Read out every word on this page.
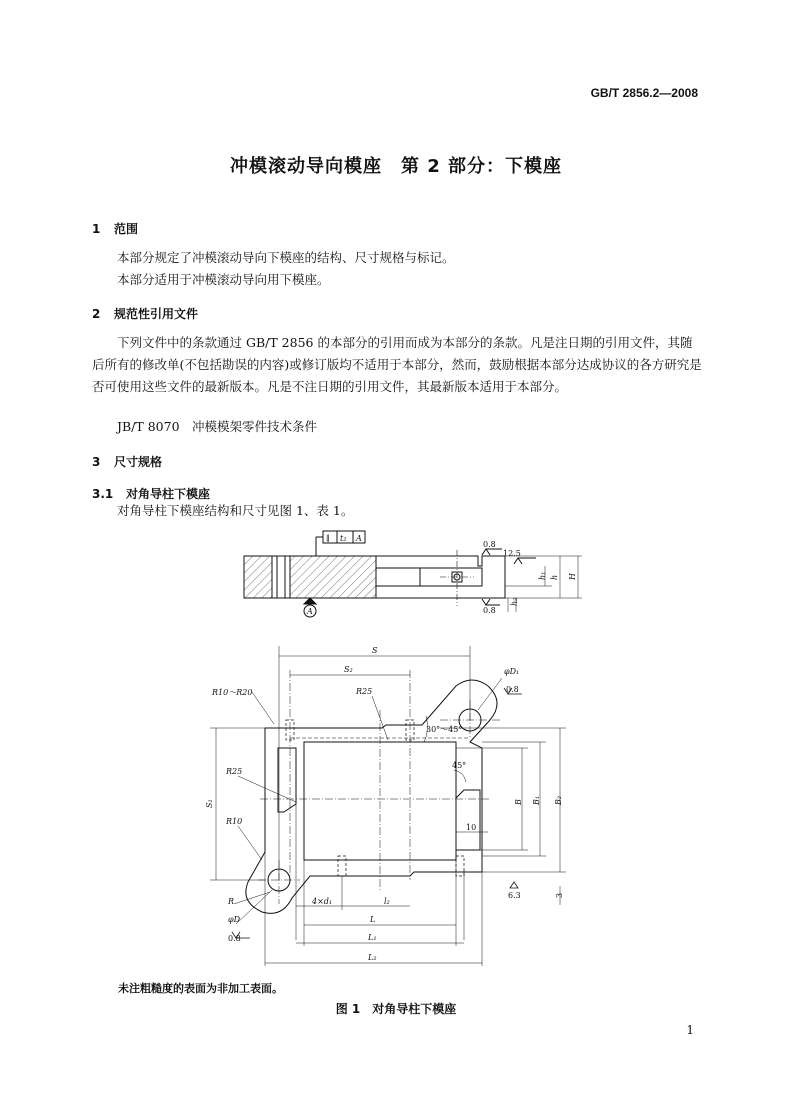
GB/T 2856.2—2008
冲模滚动导向模座　第 2 部分：下模座
1 范围
本部分规定了冲模滚动导向下模座的结构、尺寸规格与标记。
本部分适用于冲模滚动导向用下模座。
2 规范性引用文件
下列文件中的条款通过 GB/T 2856 的本部分的引用而成为本部分的条款。凡是注日期的引用文件，其随后所有的修改单(不包括勘误的内容)或修订版均不适用于本部分，然而，鼓励根据本部分达成协议的各方研究是否可使用这些文件的最新版本。凡是不注日期的引用文件，其最新版本适用于本部分。
JB/T 8070　冲模模架零件技术条件
3 尺寸规格
3.1 对角导柱下模座
对角导柱下模座结构和尺寸见图 1、表 1。
∥ t₂ A
A
0.8
0.8
12.5
h₁ h H
h₂
S
S₂
R10～R20	R25
R25
R10
R
φD
0.8
φD₁
0.8
30°～45°
45°
10
4×d₁	l₂
L
L₁
L₂
S₁	B B₁ B₂
3
6.3
未注粗糙度的表面为非加工表面。
图 1　对角导柱下模座
1
